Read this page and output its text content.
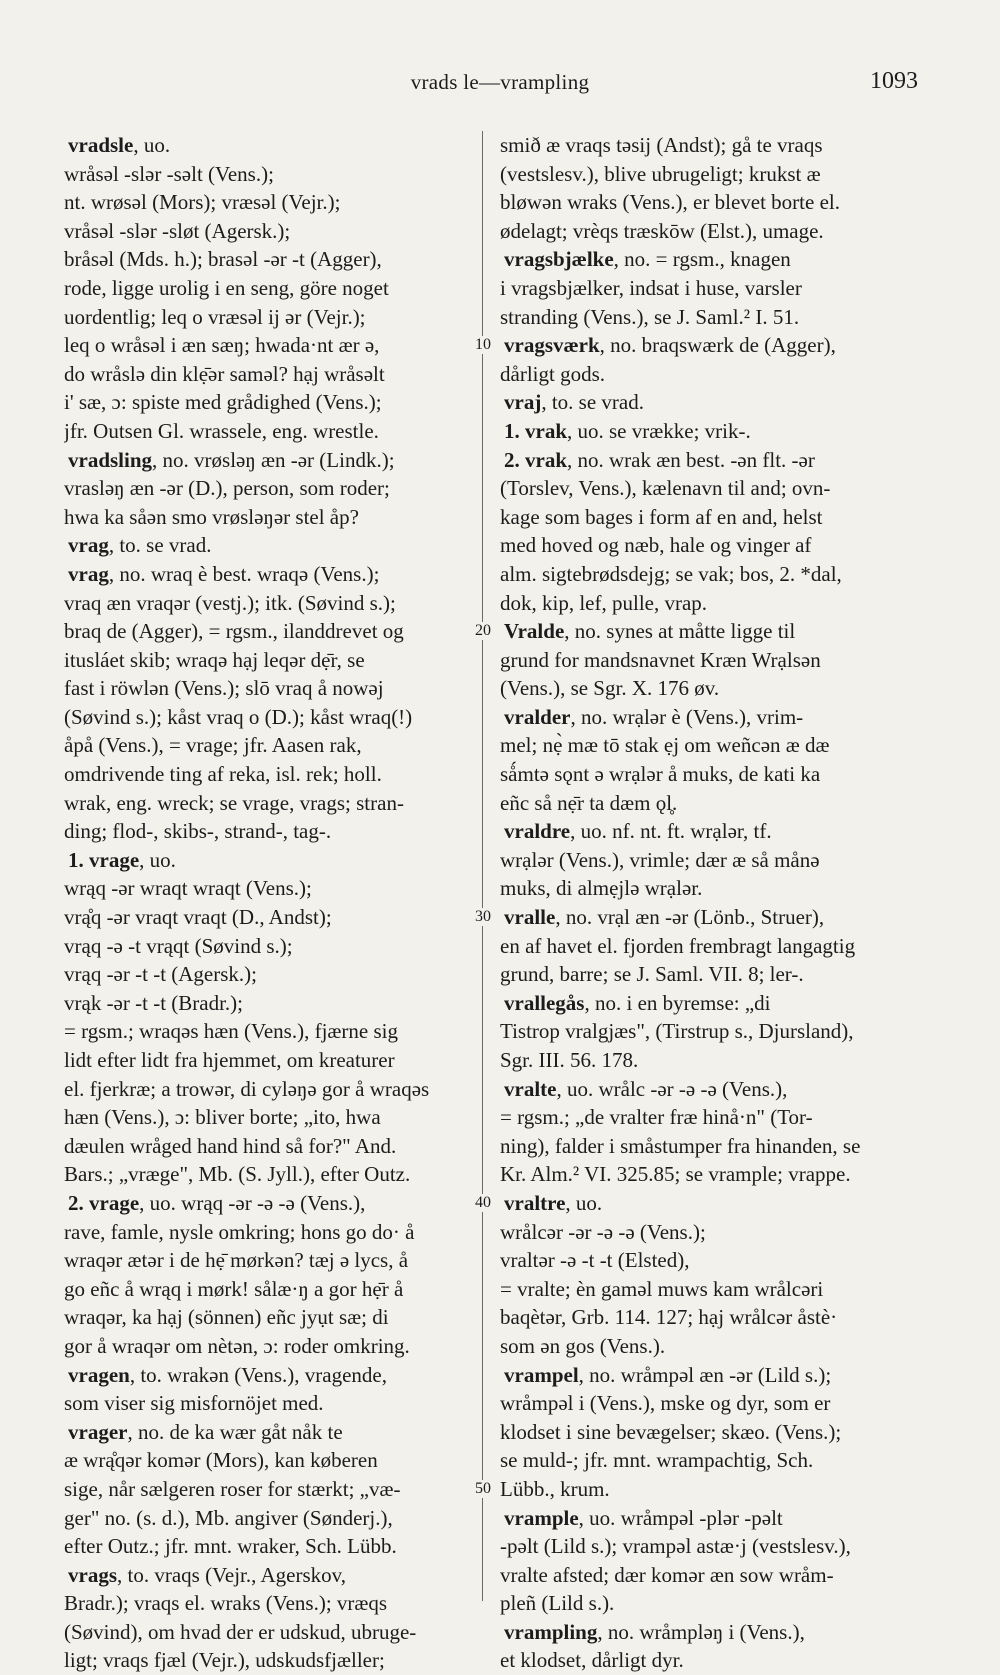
vrads le—vrampling	1093
vradsle, uo.
wråsəl -slər -səlt (Vens.);
nt. wrøsəl (Mors); vræsəl (Vejr.);
vråsəl -slər -sløt (Agersk.);
bråsəl (Mds. h.); brasəl -ər -t (Agger),
rode, ligge urolig i en seng, göre noget
uordentlig; leq o vræsəl ij ər (Vejr.);
leq o wråsəl i æn sæŋ; hwada·nt ær ə,
do wråslə din klẹ̄ər saməl? hạj wråsəlt
i' sæ, ɔ: spiste med grådighed (Vens.);
jfr. Outsen Gl. wrassele, eng. wrestle.
vradsling, no. vrøsləŋ æn -ər (Lindk.);
vrasləŋ æn -ər (D.), person, som roder;
hwa ka såən smo vrøsləŋər stel åp?
vrag, to. se vrad.
vrag, no. wraq è best. wraqə (Vens.);
vraq æn vraqər (vestj.); itk. (Søvind s.);
braq de (Agger), = rgsm., ilanddrevet og
itusláet skib; wraqə hạj leqər dẹ̄r, se
fast i röwlən (Vens.); slō vraq å nowəj
(Søvind s.); kåst vraq o (D.); kåst wraq(!)
åpå (Vens.), = vrage; jfr. Aasen rak,
omdrivende ting af reka, isl. rek; holl.
wrak, eng. wreck; se vrage, vrags; stran-
ding; flod-, skibs-, strand-, tag-.
1. vrage, uo.
wrąq -ər wraqt wraqt (Vens.);
vrą̊q -ər vraqt vraqt (D., Andst);
vrąq -ə -t vrąqt (Søvind s.);
vrąq -ər -t -t (Agersk.);
vrąk -ər -t -t (Bradr.);
= rgsm.; wraqəs hæn (Vens.), fjærne sig
lidt efter lidt fra hjemmet, om kreaturer
el. fjerkræ; a trowər, di cyləŋə gor å wraqəs
hæn (Vens.), ɔ: bliver borte; „ito, hwa
dæulen wråged hand hind så for?" And.
Bars.; „vræge", Mb. (S. Jyll.), efter Outz.
2. vrage, uo. wrąq -ər -ə -ə (Vens.),
rave, famle, nysle omkring; hons go do· å
wraqər ætər i de hẹ̄ mørkən? tæj ə lycs, å
go eñc å wrąq i mørk! sålæ·ŋ a gor hẹ̄r å
wraqər, ka hạj (sönnen) eñc jyụt sæ; di
gor å wraqər om nètən, ɔ: roder omkring.
vragen, to. wrakən (Vens.), vragende,
som viser sig misfornöjet med.
vrager, no. de ka wær gåt nåk te
æ wrą̊qər komər (Mors), kan køberen
sige, når sælgeren roser for stærkt; „væ-
ger" no. (s. d.), Mb. angiver (Sønderj.),
efter Outz.; jfr. mnt. wraker, Sch. Lübb.
vrags, to. vraqs (Vejr., Agerskov,
Bradr.); vraqs el. wraks (Vens.); vræqs
(Søvind), om hvad der er udskud, ubruge-
ligt; vraqs fjæl (Vejr.), udskudsfjæller;
10
20
30
40
50
smið æ vraqs təsij (Andst); gå te vraqs
(vestslesv.), blive ubrugeligt; krukst æ
bløwən wraks (Vens.), er blevet borte el.
ødelagt; vrèqs træskōw (Elst.), umage.
vragsbjælke, no. = rgsm., knagen
i vragsbjælker, indsat i huse, varsler
stranding (Vens.), se J. Saml.² I. 51.
vragsværk, no. braqswærk de (Agger),
dårligt gods.
vraj, to. se vrad.
1. vrak, uo. se vrække; vrik-.
2. vrak, no. wrak æn best. -ən flt. -ər
(Torslev, Vens.), kælenavn til and; ovn-
kage som bages i form af en and, helst
med hoved og næb, hale og vinger af
alm. sigtebrødsdejg; se vak; bos, 2. *dal,
dok, kip, lef, pulle, vrap.
Vralde, no. synes at måtte ligge til
grund for mandsnavnet Kræn Wrạlsən
(Vens.), se Sgr. X. 176 øv.
vralder, no. wrạlər è (Vens.), vrim-
mel; nẹ̀ mæ tō stak ẹj om weñcən æ dæ
sǻmtə sǫnt ə wrạlər å muks, de kati ka
eñc så nẹ̄r ta dæm ǫl̥.
vraldre, uo. nf. nt. ft. wrạlər, tf.
wrạlər (Vens.), vrimle; dær æ så månə
muks, di almẹjlə wrạlər.
vralle, no. vrạl æn -ər (Lönb., Struer),
en af havet el. fjorden frembragt langagtig
grund, barre; se J. Saml. VII. 8; ler-.
vrallegås, no. i en byremse: „di
Tistrop vralgjæs", (Tirstrup s., Djursland),
Sgr. III. 56. 178.
vralte, uo. wrålc -ər -ə -ə (Vens.),
= rgsm.; „de vralter fræ hinå·n" (Tor-
ning), falder i småstumper fra hinanden, se
Kr. Alm.² VI. 325.85; se vrample; vrappe.
vraltre, uo.
wrålcər -ər -ə -ə (Vens.);
vraltər -ə -t -t (Elsted),
= vralte; èn gaməl muws kam wrålcəri
baqètər, Grb. 114. 127; hạj wrålcər åstè·
som ən gos (Vens.).
vrampel, no. wråmpəl æn -ər (Lild s.);
wråmpəl i (Vens.), mske og dyr, som er
klodset i sine bevægelser; skæo. (Vens.);
se muld-; jfr. mnt. wrampachtig, Sch.
Lübb., krum.
vrample, uo. wråmpəl -plər -pəlt
-pəlt (Lild s.); vrampəl astæ·j (vestslesv.),
vralte afsted; dær komər æn sow wråm-
pleñ (Lild s.).
vrampling, no. wråmpləŋ i (Vens.),
et klodset, dårligt dyr.
